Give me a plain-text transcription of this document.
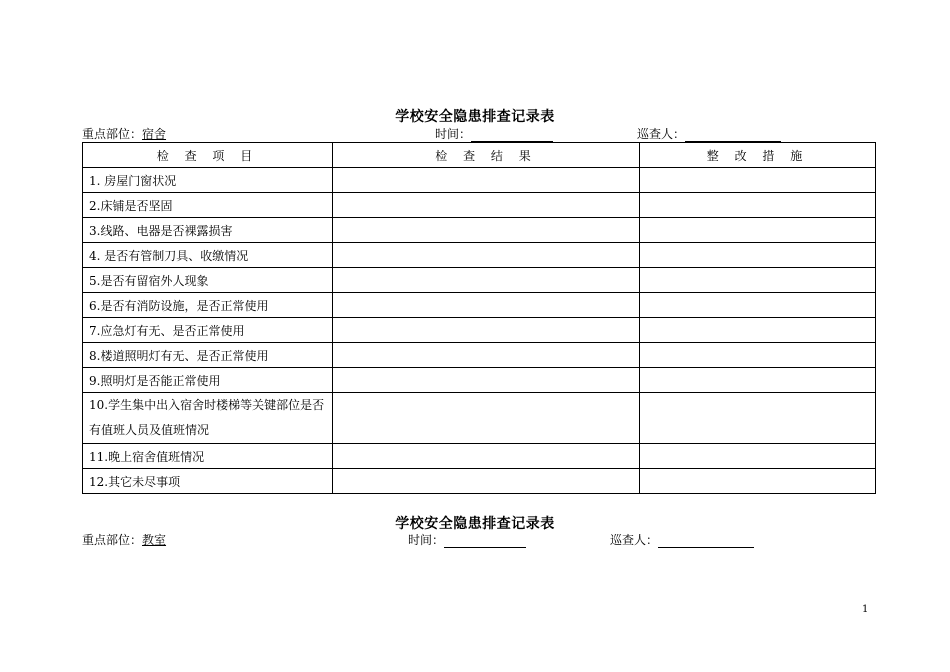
学校安全隐患排查记录表
重点部位：宿舍	时间：	巡查人：
检 查 项 目	检 查 结 果	整 改 措 施
1. 房屋门窗状况		
2.床铺是否坚固		
3.线路、电器是否裸露损害		
4. 是否有管制刀具、收缴情况		
5.是否有留宿外人现象		
6.是否有消防设施，是否正常使用		
7.应急灯有无、是否正常使用		
8.楼道照明灯有无、是否正常使用		
9.照明灯是否能正常使用		
10.学生集中出入宿舍时楼梯等关键部位是否有值班人员及值班情况		
11.晚上宿舍值班情况		
12.其它未尽事项		
学校安全隐患排查记录表
重点部位：教室	时间：	巡查人：
1
